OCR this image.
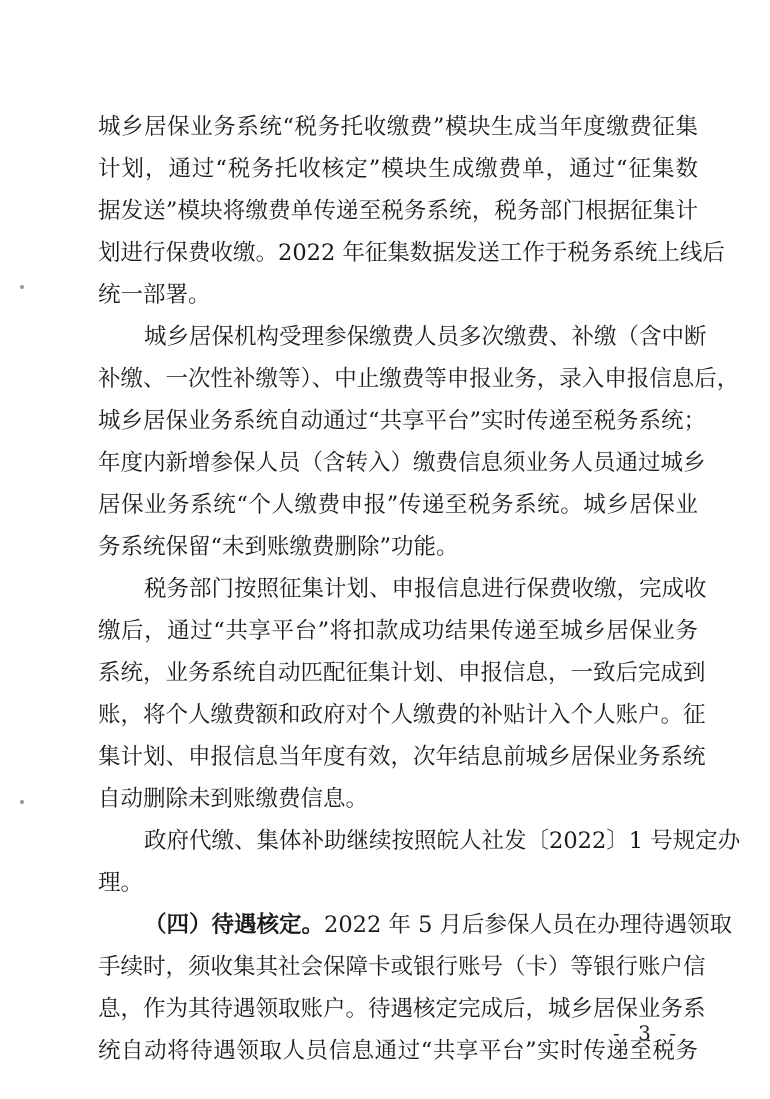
城乡居保业务系统“税务托收缴费”模块生成当年度缴费征集
计划，通过“税务托收核定”模块生成缴费单，通过“征集数
据发送”模块将缴费单传递至税务系统，税务部门根据征集计
划进行保费收缴。2022 年征集数据发送工作于税务系统上线后
统一部署。
城乡居保机构受理参保缴费人员多次缴费、补缴（含中断
补缴、一次性补缴等）、中止缴费等申报业务，录入申报信息后，
城乡居保业务系统自动通过“共享平台”实时传递至税务系统；
年度内新增参保人员（含转入）缴费信息须业务人员通过城乡
居保业务系统“个人缴费申报”传递至税务系统。城乡居保业
务系统保留“未到账缴费删除”功能。
税务部门按照征集计划、申报信息进行保费收缴，完成收
缴后，通过“共享平台”将扣款成功结果传递至城乡居保业务
系统，业务系统自动匹配征集计划、申报信息，一致后完成到
账，将个人缴费额和政府对个人缴费的补贴计入个人账户。征
集计划、申报信息当年度有效，次年结息前城乡居保业务系统
自动删除未到账缴费信息。
政府代缴、集体补助继续按照皖人社发〔2022〕1 号规定办
理。
（四）待遇核定。2022 年 5 月后参保人员在办理待遇领取
手续时，须收集其社会保障卡或银行账号（卡）等银行账户信
息，作为其待遇领取账户。待遇核定完成后，城乡居保业务系
统自动将待遇领取人员信息通过“共享平台”实时传递至税务
- 3 -
